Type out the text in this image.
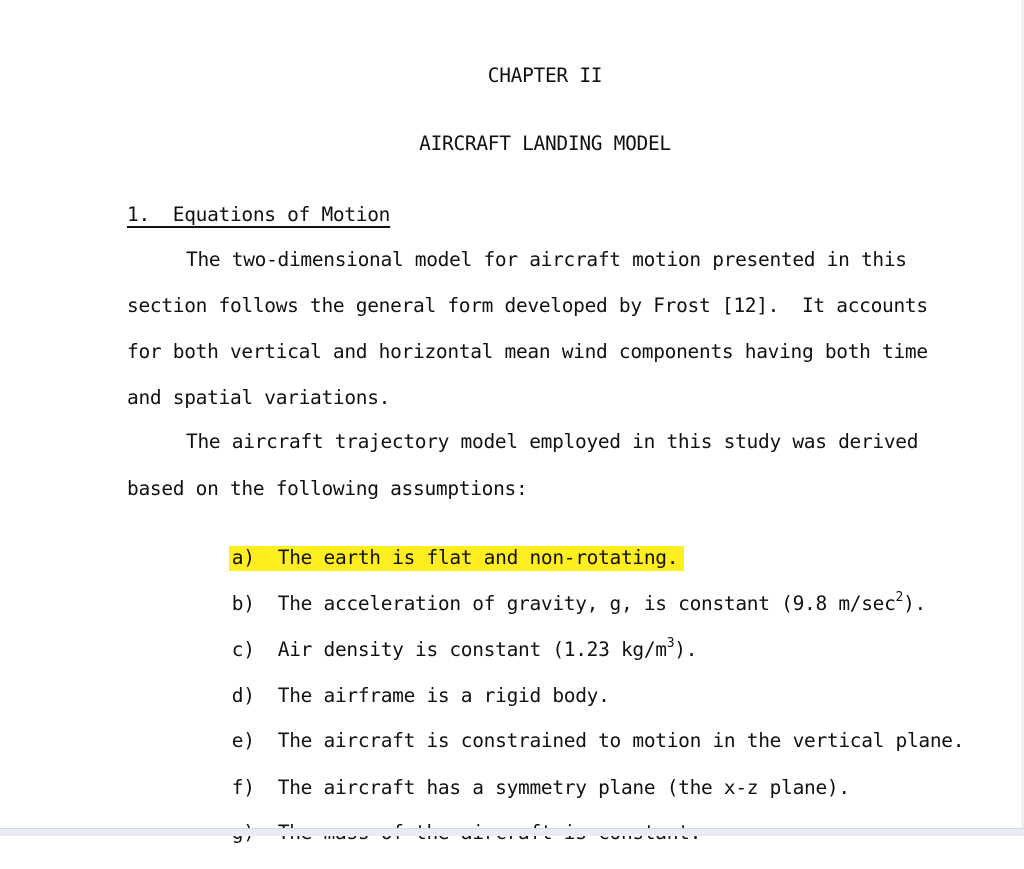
CHAPTER II
AIRCRAFT LANDING MODEL
1.  Equations of Motion
The two-dimensional model for aircraft motion presented in this
section follows the general form developed by Frost [12].  It accounts
for both vertical and horizontal mean wind components having both time
and spatial variations.
The aircraft trajectory model employed in this study was derived
based on the following assumptions:

a) The earth is flat and non-rotating.

b) The acceleration of gravity, g, is constant (9.8 $m/\sec^2$).

c) Air density is constant (1.23 $kg/m^3$).

d) The airframe is a rigid body.

e) The aircraft is constrained to motion in the vertical plane.

f) The aircraft has a symmetry plane (the x-z plane).
